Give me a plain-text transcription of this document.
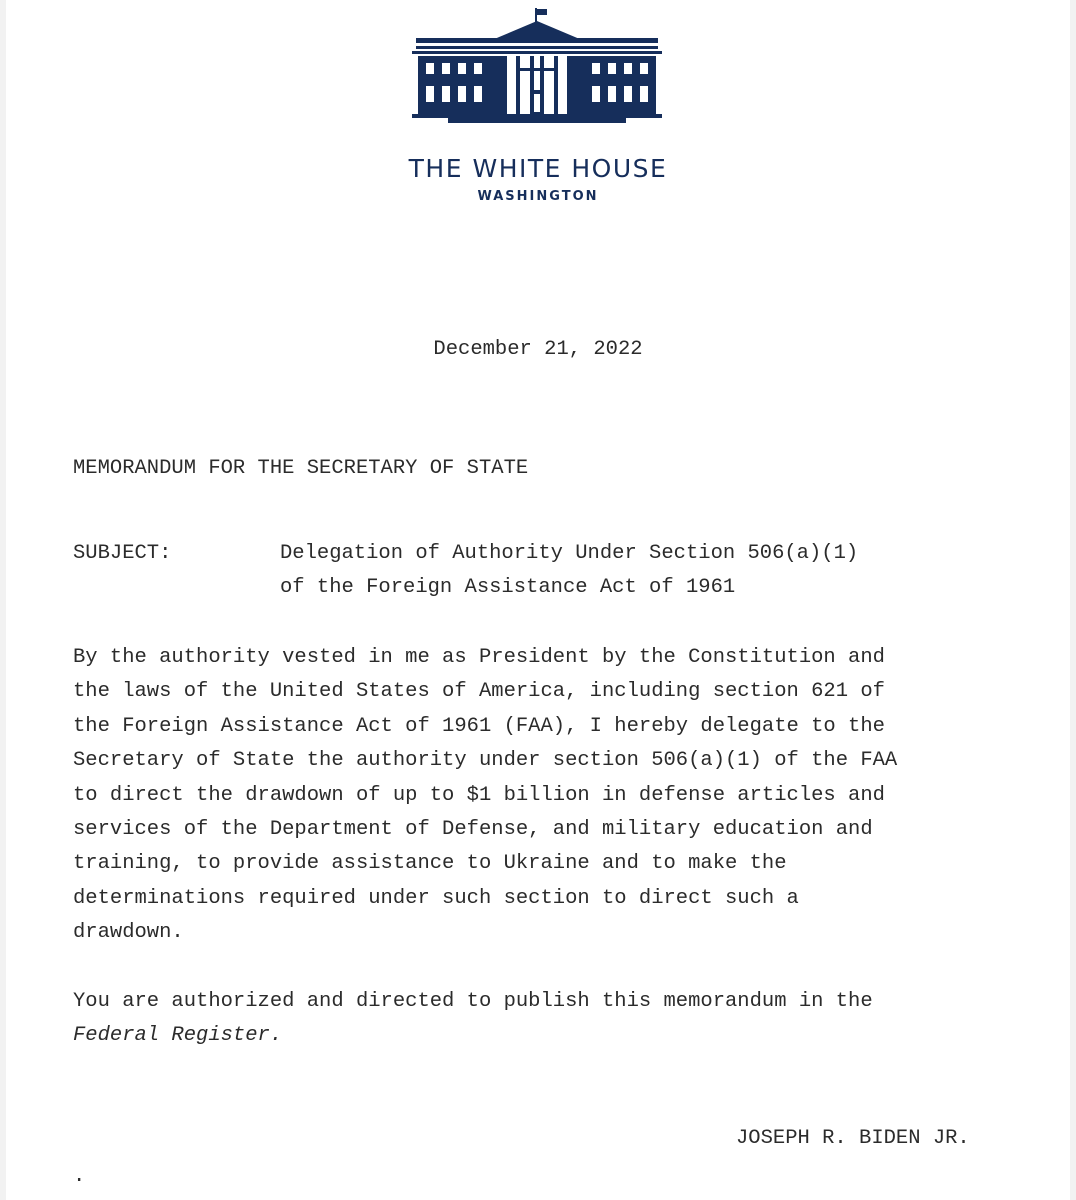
THE WHITE HOUSE
WASHINGTON
December 21, 2022
MEMORANDUM FOR THE SECRETARY OF STATE
SUBJECT:	Delegation of Authority Under Section 506(a)(1)
of the Foreign Assistance Act of 1961
By the authority vested in me as President by the Constitution and
the laws of the United States of America, including section 621 of
the Foreign Assistance Act of 1961 (FAA), I hereby delegate to the
Secretary of State the authority under section 506(a)(1) of the FAA
to direct the drawdown of up to $1 billion in defense articles and
services of the Department of Defense, and military education and
training, to provide assistance to Ukraine and to make the
determinations required under such section to direct such a
drawdown.
You are authorized and directed to publish this memorandum in the
Federal Register.
JOSEPH R. BIDEN JR.
.
